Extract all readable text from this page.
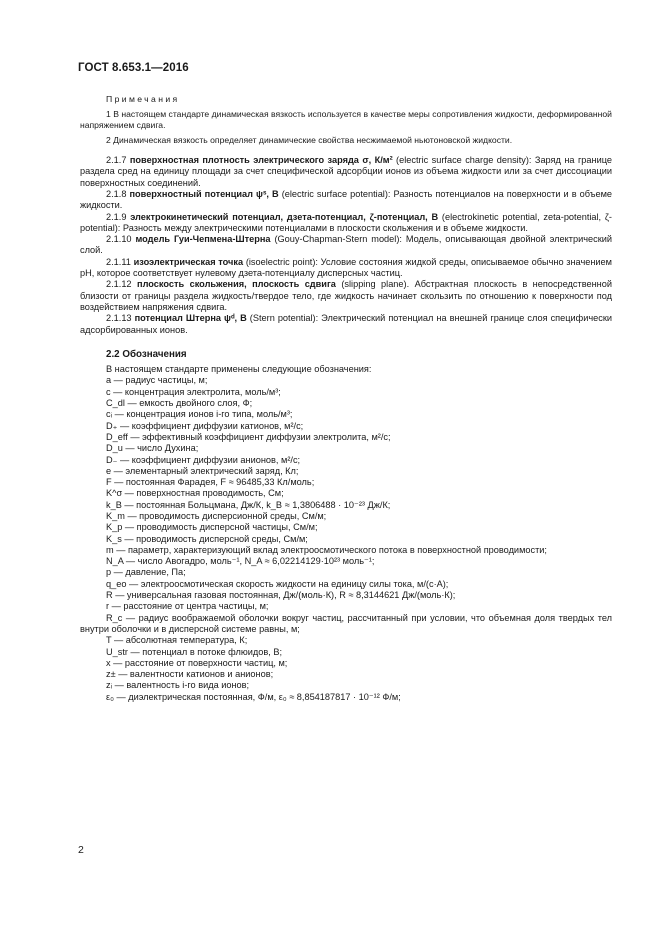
ГОСТ 8.653.1—2016

Примечания

1 В настоящем стандарте динамическая вязкость используется в качестве меры сопротивления жидкости, деформированной напряжением сдвига.

2 Динамическая вязкость определяет динамические свойства несжимаемой ньютоновской жидкости.

2.1.7 поверхностная плотность электрического заряда σ, К/м² (electric surface charge density): Заряд на границе раздела сред на единицу площади за счет специфической адсорбции ионов из объема жидкости или за счет диссоциации поверхностных соединений.

2.1.8 поверхностный потенциал ψˢ, В (electric surface potential): Разность потенциалов на поверхности и в объеме жидкости.

2.1.9 электрокинетический потенциал, дзета-потенциал, ζ-потенциал, В (electrokinetic potential, zeta-potential, ζ-potential): Разность между электрическими потенциалами в плоскости скольжения и в объеме жидкости.

2.1.10 модель Гуи-Чепмена-Штерна (Gouy-Chapman-Stern model): Модель, описывающая двойной электрический слой.

2.1.11 изоэлектрическая точка (isoelectric point): Условие состояния жидкой среды, описываемое обычно значением pH, которое соответствует нулевому дзета-потенциалу дисперсных частиц.

2.1.12 плоскость скольжения, плоскость сдвига (slipping plane). Абстрактная плоскость в непосредственной близости от границы раздела жидкость/твердое тело, где жидкость начинает скользить по отношению к поверхности под воздействием напряжения сдвига.

2.1.13 потенциал Штерна ψᵈ, В (Stern potential): Электрический потенциал на внешней границе слоя специфически адсорбированных ионов.

2.2 Обозначения

В настоящем стандарте применены следующие обозначения:

a — радиус частицы, м;
c — концентрация электролита, моль/м³;
C_dl — емкость двойного слоя, Ф;
cᵢ — концентрация ионов i-го типа, моль/м³;
D₊ — коэффициент диффузии катионов, м²/с;
D_eff — эффективный коэффициент диффузии электролита, м²/с;
D_u — число Духина;
D₋ — коэффициент диффузии анионов, м²/с;
e — элементарный электрический заряд, Кл;
F — постоянная Фарадея, F ≈ 96485,33 Кл/моль;
K^σ — поверхностная проводимость, См;
k_B — постоянная Больцмана, Дж/К, k_B ≈ 1,3806488 · 10⁻²³ Дж/К;
K_m — проводимость дисперсионной среды, См/м;
K_p — проводимость дисперсной частицы, См/м;
K_s — проводимость дисперсной среды, См/м;
m — параметр, характеризующий вклад электроосмотического потока в поверхностной проводимости;
N_A — число Авогадро, моль⁻¹, N_A ≈ 6,02214129·10²³ моль⁻¹;
p — давление, Па;
q_eo — электроосмотическая скорость жидкости на единицу силы тока, м/(с·А);
R — универсальная газовая постоянная, Дж/(моль·К), R ≈ 8,3144621 Дж/(моль·К);
r — расстояние от центра частицы, м;
R_c — радиус воображаемой оболочки вокруг частиц, рассчитанный при условии, что объемная доля твердых тел внутри оболочки и в дисперсной системе равны, м;
T — абсолютная температура, К;
U_str — потенциал в потоке флюидов, В;
x — расстояние от поверхности частиц, м;
z± — валентности катионов и анионов;
zᵢ — валентность i-го вида ионов;
ε₀ — диэлектрическая постоянная, Ф/м, ε₀ ≈ 8,854187817 · 10⁻¹² Ф/м;
2
